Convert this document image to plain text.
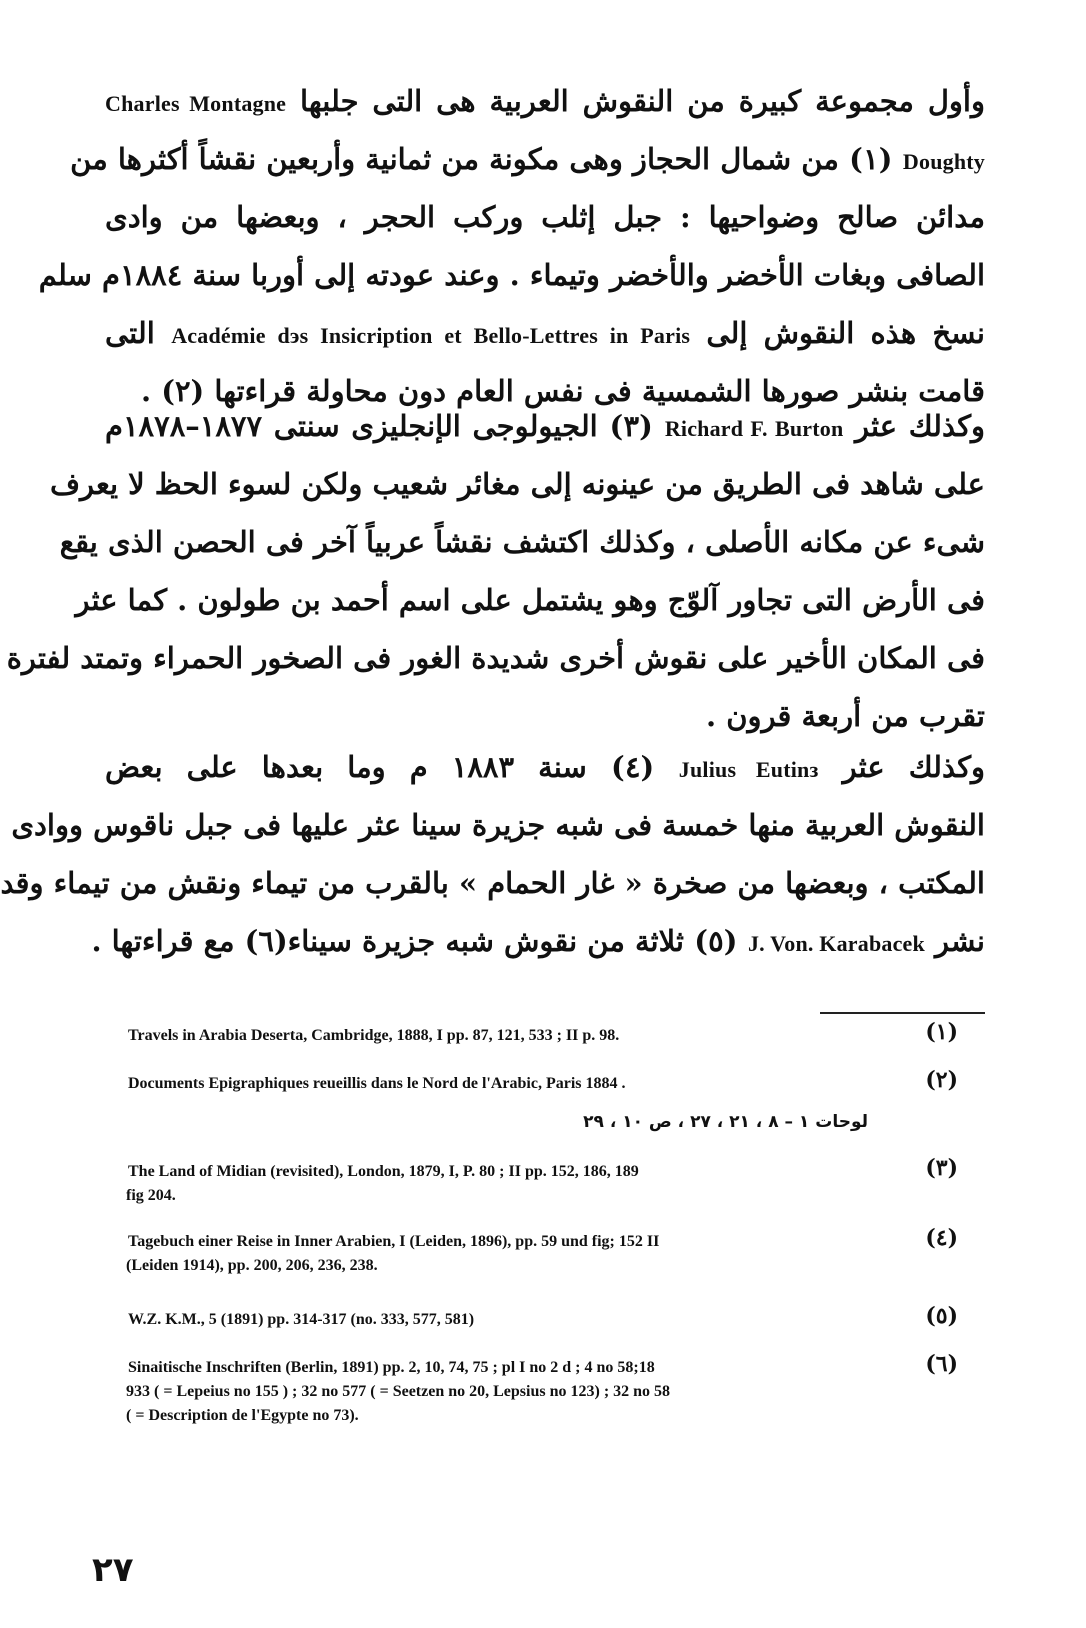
وأول مجموعة كبيرة من النقوش العربية هى التى جلبها Charles Montagne
Doughty (١) من شمال الحجاز وهى مكونة من ثمانية وأربعين نقشاً أكثرها من
مدائن صالح وضواحيها : جبل إثلب وركب الحجر ، وبعضها من وادى
الصافى وبغات الأخضر والأخضر وتيماء . وعند عودته إلى أوربا سنة ١٨٨٤م سلم
نسخ هذه النقوش إلى Académie dэs Insicription et Bello-Lettres in Paris التى
قامت بنشر صورها الشمسية فى نفس العام دون محاولة قراءتها (٢) .
وكذلك عثر Richard F. Burton (٣) الجيولوجى الإنجليزى سنتى ١٨٧٧–١٨٧٨م
على شاهد فى الطريق من عينونه إلى مغائر شعيب ولكن لسوء الحظ لا يعرف
شىء عن مكانه الأصلى ، وكذلك اكتشف نقشاً عربياً آخر فى الحصن الذى يقع
فى الأرض التى تجاور آلوّج وهو يشتمل على اسم أحمد بن طولون . كما عثر
فى المكان الأخير على نقوش أخرى شديدة الغور فى الصخور الحمراء وتمتد لفترة
تقرب من أربعة قرون .
وكذلك عثر Julius Eutinз (٤) سنة ١٨٨٣ م وما بعدها على بعض
النقوش العربية منها خمسة فى شبه جزيرة سينا عثر عليها فى جبل ناقوس ووادى
المكتب ، وبعضها من صخرة « غار الحمام » بالقرب من تيماء ونقش من تيماء وقد
نشر J. Von. Karabacek (٥) ثلاثة من نقوش شبه جزيرة سيناء(٦) مع قراءتها .
(١)
Travels in Arabia Deserta, Cambridge, 1888, I pp. 87, 121, 533 ; II p. 98.
(٢)
Documents Epigraphiques reueillis dans le Nord de l'Arabic, Paris 1884 .
لوحات ١ – ٨ ، ٢١ ، ٢٧ ، ص ١٠ ، ٢٩
(٣)
The Land of Midian (revisited), London, 1879, I, P. 80 ; II pp. 152, 186, 189
fig 204.
(٤)
Tagebuch einer Reise in Inner Arabien, I (Leiden, 1896), pp. 59 und fig; 152 II
(Leiden 1914), pp. 200, 206, 236, 238.
(٥)
W.Z. K.M., 5 (1891) pp. 314-317 (no. 333, 577, 581)
(٦)
Sinaitische Inschriften (Berlin, 1891) pp. 2, 10, 74, 75 ; pl I no 2 d ; 4 no 58;18
933 ( = Lepeius no 155 ) ; 32 no 577 ( = Seetzen no 20, Lepsius no 123) ; 32 no 58
( = Description de l'Egypte no 73).
٢٧
